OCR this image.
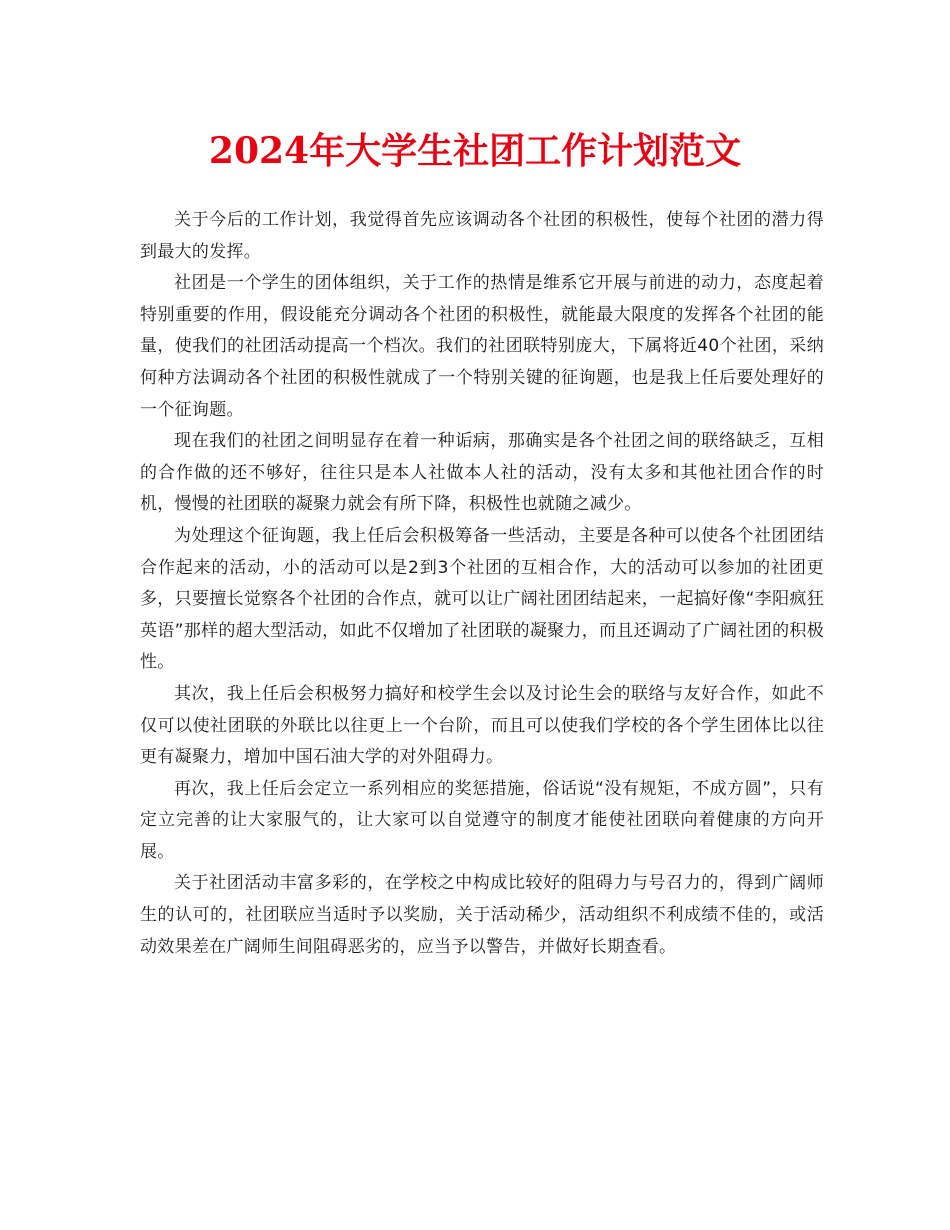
2024年大学生社团工作计划范文

关于今后的工作计划，我觉得首先应该调动各个社团的积极性，使每个社团的潜力得到最大的发挥。

社团是一个学生的团体组织，关于工作的热情是维系它开展与前进的动力，态度起着特别重要的作用，假设能充分调动各个社团的积极性，就能最大限度的发挥各个社团的能量，使我们的社团活动提高一个档次。我们的社团联特别庞大，下属将近40个社团，采纳何种方法调动各个社团的积极性就成了一个特别关键的征询题，也是我上任后要处理好的一个征询题。

现在我们的社团之间明显存在着一种诟病，那确实是各个社团之间的联络缺乏，互相的合作做的还不够好，往往只是本人社做本人社的活动，没有太多和其他社团合作的时机，慢慢的社团联的凝聚力就会有所下降，积极性也就随之减少。

为处理这个征询题，我上任后会积极筹备一些活动，主要是各种可以使各个社团团结合作起来的活动，小的活动可以是2到3个社团的互相合作，大的活动可以参加的社团更多，只要擅长觉察各个社团的合作点，就可以让广阔社团团结起来，一起搞好像“李阳疯狂英语”那样的超大型活动，如此不仅增加了社团联的凝聚力，而且还调动了广阔社团的积极性。

其次，我上任后会积极努力搞好和校学生会以及讨论生会的联络与友好合作，如此不仅可以使社团联的外联比以往更上一个台阶，而且可以使我们学校的各个学生团体比以往更有凝聚力，增加中国石油大学的对外阻碍力。

再次，我上任后会定立一系列相应的奖惩措施，俗话说“没有规矩，不成方圆”，只有定立完善的让大家服气的，让大家可以自觉遵守的制度才能使社团联向着健康的方向开展。

关于社团活动丰富多彩的，在学校之中构成比较好的阻碍力与号召力的，得到广阔师生的认可的，社团联应当适时予以奖励，关于活动稀少，活动组织不利成绩不佳的，或活动效果差在广阔师生间阻碍恶劣的，应当予以警告，并做好长期查看。
